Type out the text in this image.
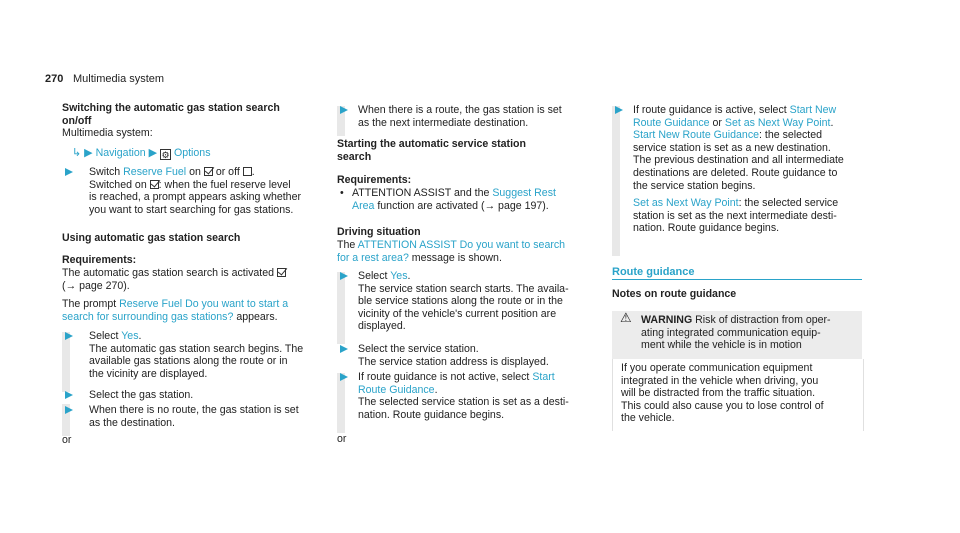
270 Multimedia system
Switching the automatic gas station search
on/off
Multimedia system:
↳ ▶ Navigation ▶ ⚙ Options
Switch Reserve Fuel on or off .
Switched on : when the fuel reserve level
is reached, a prompt appears asking whether
you want to start searching for gas stations.
Using automatic gas station search
Requirements:
The automatic gas station search is activated
(→ page 270).
The prompt Reserve Fuel Do you want to start a
search for surrounding gas stations? appears.
Select Yes.
The automatic gas station search begins. The
available gas stations along the route or in
the vicinity are displayed.
Select the gas station.
When there is no route, the gas station is set
as the destination.
or
When there is a route, the gas station is set
as the next intermediate destination.
Starting the automatic service station
search
Requirements:
• ATTENTION ASSIST and the Suggest Rest
Area function are activated (→ page 197).
Driving situation
The ATTENTION ASSIST Do you want to search
for a rest area? message is shown.
Select Yes.
The service station search starts. The availa-
ble service stations along the route or in the
vicinity of the vehicle's current position are
displayed.
Select the service station.
The service station address is displayed.
If route guidance is not active, select Start
Route Guidance.
The selected service station is set as a desti-
nation. Route guidance begins.
or
If route guidance is active, select Start New
Route Guidance or Set as Next Way Point.
Start New Route Guidance: the selected
service station is set as a new destination.
The previous destination and all intermediate
destinations are deleted. Route guidance to
the service station begins.
Set as Next Way Point: the selected service
station is set as the next intermediate desti-
nation. Route guidance begins.
Route guidance
Notes on route guidance
⚠ WARNING Risk of distraction from oper-
ating integrated communication equip-
ment while the vehicle is in motion
If you operate communication equipment
integrated in the vehicle when driving, you
will be distracted from the traffic situation.
This could also cause you to lose control of
the vehicle.
